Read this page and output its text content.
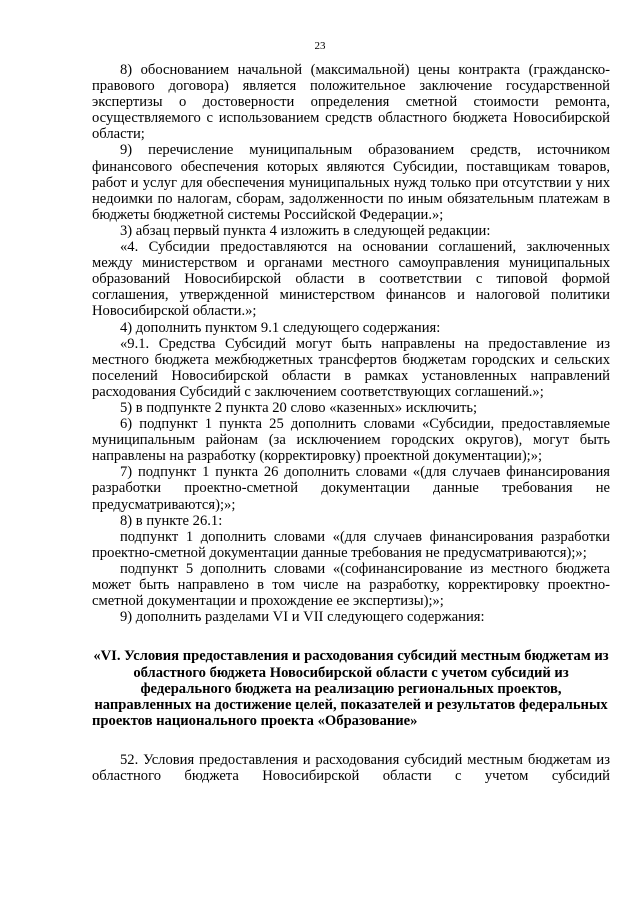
23

8) обоснованием начальной (максимальной) цены контракта (гражданско-правового договора) является положительное заключение государственной экспертизы о достоверности определения сметной стоимости ремонта, осуществляемого с использованием средств областного бюджета Новосибирской области;

9) перечисление муниципальным образованием средств, источником финансового обеспечения которых являются Субсидии, поставщикам товаров, работ и услуг для обеспечения муниципальных нужд только при отсутствии у них недоимки по налогам, сборам, задолженности по иным обязательным платежам в бюджеты бюджетной системы Российской Федерации.»;

3) абзац первый пункта 4 изложить в следующей редакции:

«4. Субсидии предоставляются на основании соглашений, заключенных между министерством и органами местного самоуправления муниципальных образований Новосибирской области в соответствии с типовой формой соглашения, утвержденной министерством финансов и налоговой политики Новосибирской области.»;

4) дополнить пунктом 9.1 следующего содержания:

«9.1. Средства Субсидий могут быть направлены на предоставление из местного бюджета межбюджетных трансфертов бюджетам городских и сельских поселений Новосибирской области в рамках установленных направлений расходования Субсидий с заключением соответствующих соглашений.»;

5) в подпункте 2 пункта 20 слово «казенных» исключить;

6) подпункт 1 пункта 25 дополнить словами «Субсидии, предоставляемые муниципальным районам (за исключением городских округов), могут быть направлены на разработку (корректировку) проектной документации);»;

7) подпункт 1 пункта 26 дополнить словами «(для случаев финансирования разработки проектно-сметной документации данные требования не предусматриваются);»;

8) в пункте 26.1:

подпункт 1 дополнить словами «(для случаев финансирования разработки проектно-сметной документации данные требования не предусматриваются);»;

подпункт 5 дополнить словами «(софинансирование из местного бюджета может быть направлено в том числе на разработку, корректировку проектно-сметной документации и прохождение ее экспертизы);»;

9) дополнить разделами VI и VII следующего содержания:

«VI. Условия предоставления и расходования субсидий местным бюджетам из областного бюджета Новосибирской области с учетом субсидий из федерального бюджета на реализацию региональных проектов, направленных на достижение целей, показателей и результатов федеральных проектов национального проекта «Образование»

52. Условия предоставления и расходования субсидий местным бюджетам из областного бюджета Новосибирской области с учетом субсидий
